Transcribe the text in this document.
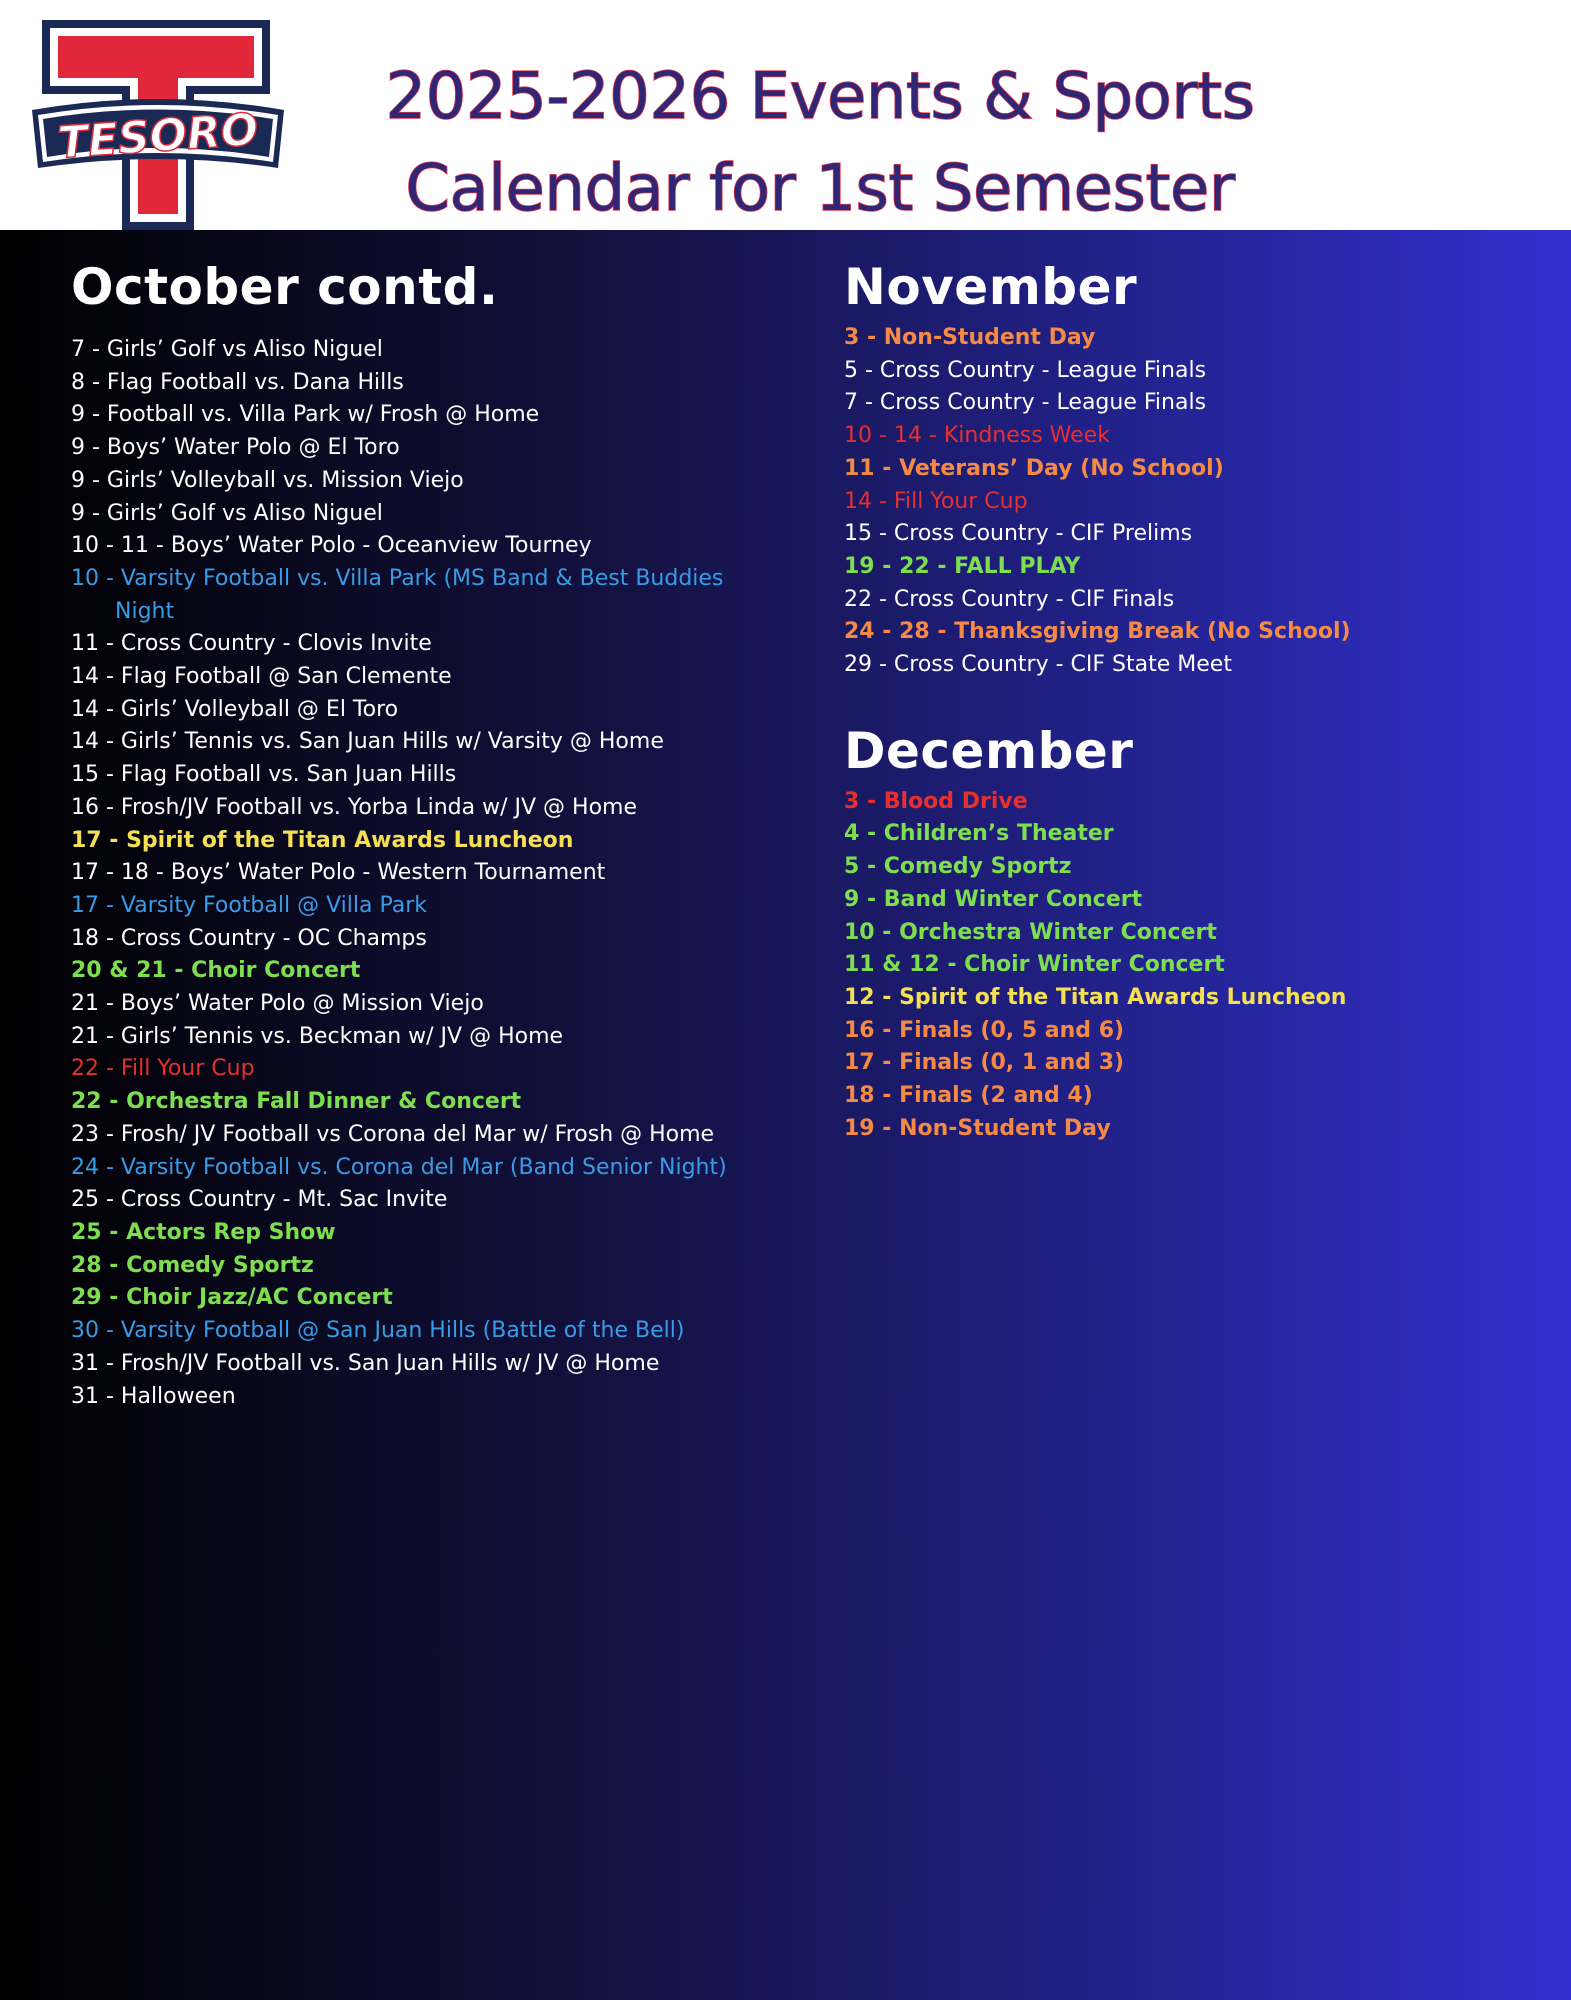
TESORO
2025-2026 Events & Sports
Calendar for 1st Semester
October contd.
7 - Girls’ Golf vs Aliso Niguel
8 - Flag Football vs. Dana Hills
9 - Football vs. Villa Park w/ Frosh @ Home
9 - Boys’ Water Polo @ El Toro
9 - Girls’ Volleyball vs. Mission Viejo
9 - Girls’ Golf vs Aliso Niguel
10 - 11 - Boys’ Water Polo - Oceanview Tourney
10 - Varsity Football vs. Villa Park (MS Band & Best Buddies Night
11 - Cross Country - Clovis Invite
14 - Flag Football @ San Clemente
14 - Girls’ Volleyball @ El Toro
14 - Girls’ Tennis vs. San Juan Hills w/ Varsity @ Home
15 - Flag Football vs. San Juan Hills
16 - Frosh/JV Football vs. Yorba Linda w/ JV @ Home
17 - Spirit of the Titan Awards Luncheon
17 - 18 - Boys’ Water Polo - Western Tournament
17 - Varsity Football @ Villa Park
18 - Cross Country - OC Champs
20 & 21 - Choir Concert
21 - Boys’ Water Polo @ Mission Viejo
21 - Girls’ Tennis vs. Beckman w/ JV @ Home
22 - Fill Your Cup
22 - Orchestra Fall Dinner & Concert
23 - Frosh/ JV Football vs Corona del Mar w/ Frosh @ Home
24 - Varsity Football vs. Corona del Mar (Band Senior Night)
25 - Cross Country - Mt. Sac Invite
25 - Actors Rep Show
28 - Comedy Sportz
29 - Choir Jazz/AC Concert
30 - Varsity Football @ San Juan Hills (Battle of the Bell)
31 - Frosh/JV Football vs. San Juan Hills w/ JV @ Home
31 - Halloween
November
3 - Non-Student Day
5 - Cross Country - League Finals
7 - Cross Country - League Finals
10 - 14 - Kindness Week
11 - Veterans’ Day (No School)
14 - Fill Your Cup
15 - Cross Country - CIF Prelims
19 - 22 - FALL PLAY
22 - Cross Country - CIF Finals
24 - 28 - Thanksgiving Break (No School)
29 - Cross Country - CIF State Meet
December
3 - Blood Drive
4 - Children’s Theater
5 - Comedy Sportz
9 - Band Winter Concert
10 - Orchestra Winter Concert
11 & 12 - Choir Winter Concert
12 - Spirit of the Titan Awards Luncheon
16 - Finals (0, 5 and 6)
17 - Finals (0, 1 and 3)
18 - Finals (2 and 4)
19 - Non-Student Day
